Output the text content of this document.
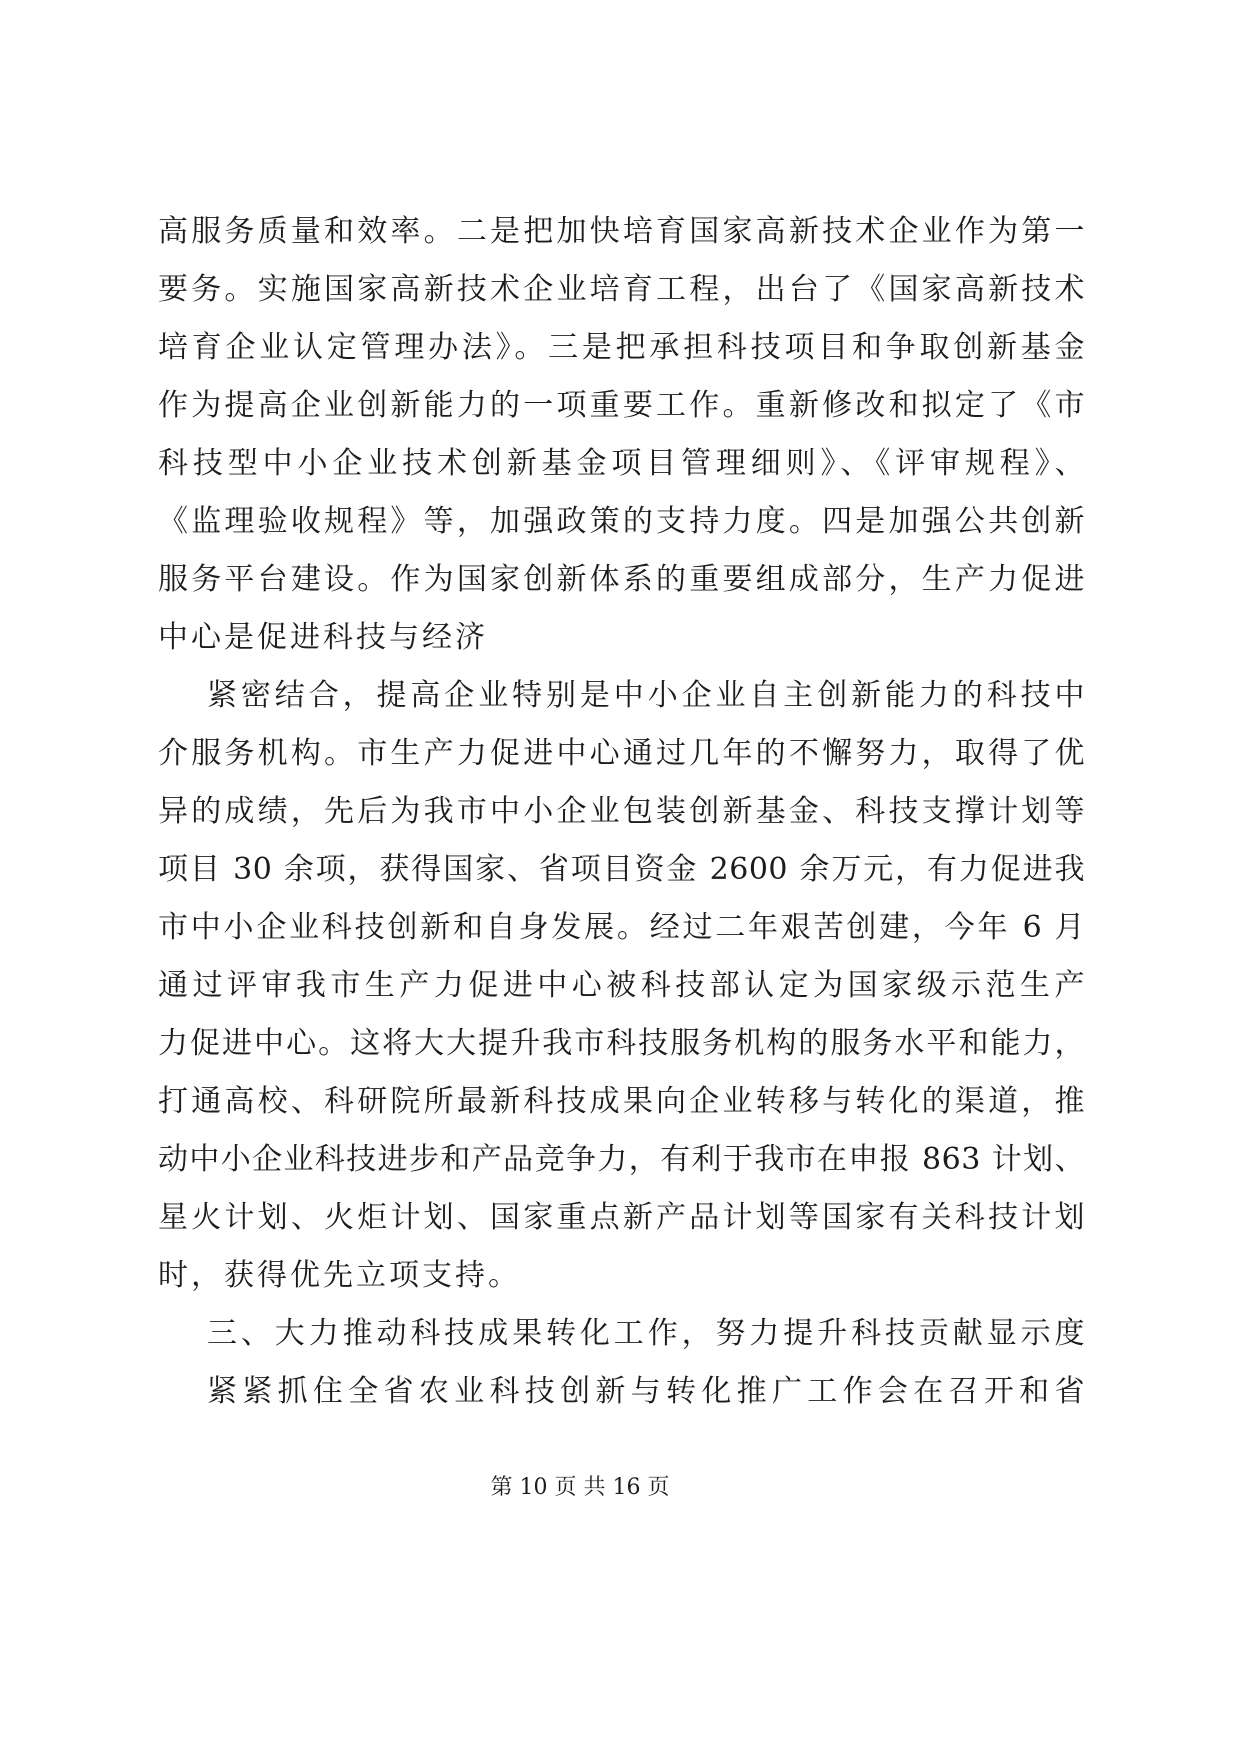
高服务质量和效率。二是把加快培育国家高新技术企业作为第一
要务。实施国家高新技术企业培育工程，出台了《国家高新技术
培育企业认定管理办法》。三是把承担科技项目和争取创新基金
作为提高企业创新能力的一项重要工作。重新修改和拟定了《市
科技型中小企业技术创新基金项目管理细则》、《评审规程》、
《监理验收规程》等，加强政策的支持力度。四是加强公共创新
服务平台建设。作为国家创新体系的重要组成部分，生产力促进
中心是促进科技与经济

紧密结合，提高企业特别是中小企业自主创新能力的科技中
介服务机构。市生产力促进中心通过几年的不懈努力，取得了优
异的成绩，先后为我市中小企业包装创新基金、科技支撑计划等
项目 30 余项，获得国家、省项目资金 2600 余万元，有力促进我
市中小企业科技创新和自身发展。经过二年艰苦创建，今年 6 月
通过评审我市生产力促进中心被科技部认定为国家级示范生产
力促进中心。这将大大提升我市科技服务机构的服务水平和能力，
打通高校、科研院所最新科技成果向企业转移与转化的渠道，推
动中小企业科技进步和产品竞争力，有利于我市在申报 863 计划、
星火计划、火炬计划、国家重点新产品计划等国家有关科技计划
时，获得优先立项支持。

三、大力推动科技成果转化工作，努力提升科技贡献显示度

紧紧抓住全省农业科技创新与转化推广工作会在召开和省

第 10 页 共 16 页
